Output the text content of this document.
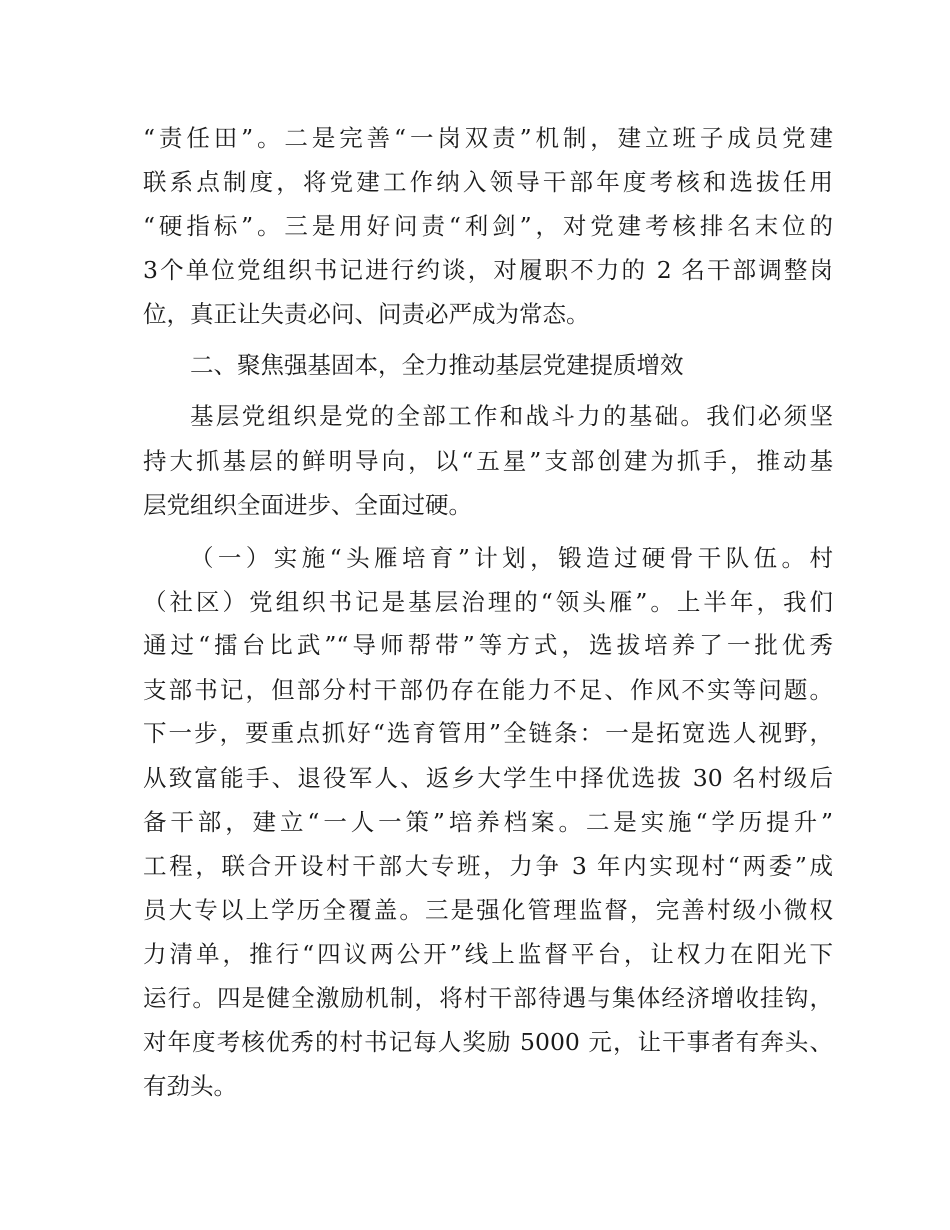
“责任田”。二是完善“一岗双责”机制，建立班子成员党建

联系点制度，将党建工作纳入领导干部年度考核和选拔任用

“硬指标”。三是用好问责“利剑”，对党建考核排名末位的

3个单位党组织书记进行约谈，对履职不力的 2 名干部调整岗

位，真正让失责必问、问责必严成为常态。

二、聚焦强基固本，全力推动基层党建提质增效

基层党组织是党的全部工作和战斗力的基础。我们必须坚

持大抓基层的鲜明导向，以“五星”支部创建为抓手，推动基

层党组织全面进步、全面过硬。

（一）实施“头雁培育”计划，锻造过硬骨干队伍。村

（社区）党组织书记是基层治理的“领头雁”。上半年，我们

通过“擂台比武”“导师帮带”等方式，选拔培养了一批优秀

支部书记，但部分村干部仍存在能力不足、作风不实等问题。

下一步，要重点抓好“选育管用”全链条：一是拓宽选人视野，

从致富能手、退役军人、返乡大学生中择优选拔 30 名村级后

备干部，建立“一人一策”培养档案。二是实施“学历提升”

工程，联合开设村干部大专班，力争 3 年内实现村“两委”成

员大专以上学历全覆盖。三是强化管理监督，完善村级小微权

力清单，推行“四议两公开”线上监督平台，让权力在阳光下

运行。四是健全激励机制，将村干部待遇与集体经济增收挂钩，

对年度考核优秀的村书记每人奖励 5000 元，让干事者有奔头、

有劲头。
